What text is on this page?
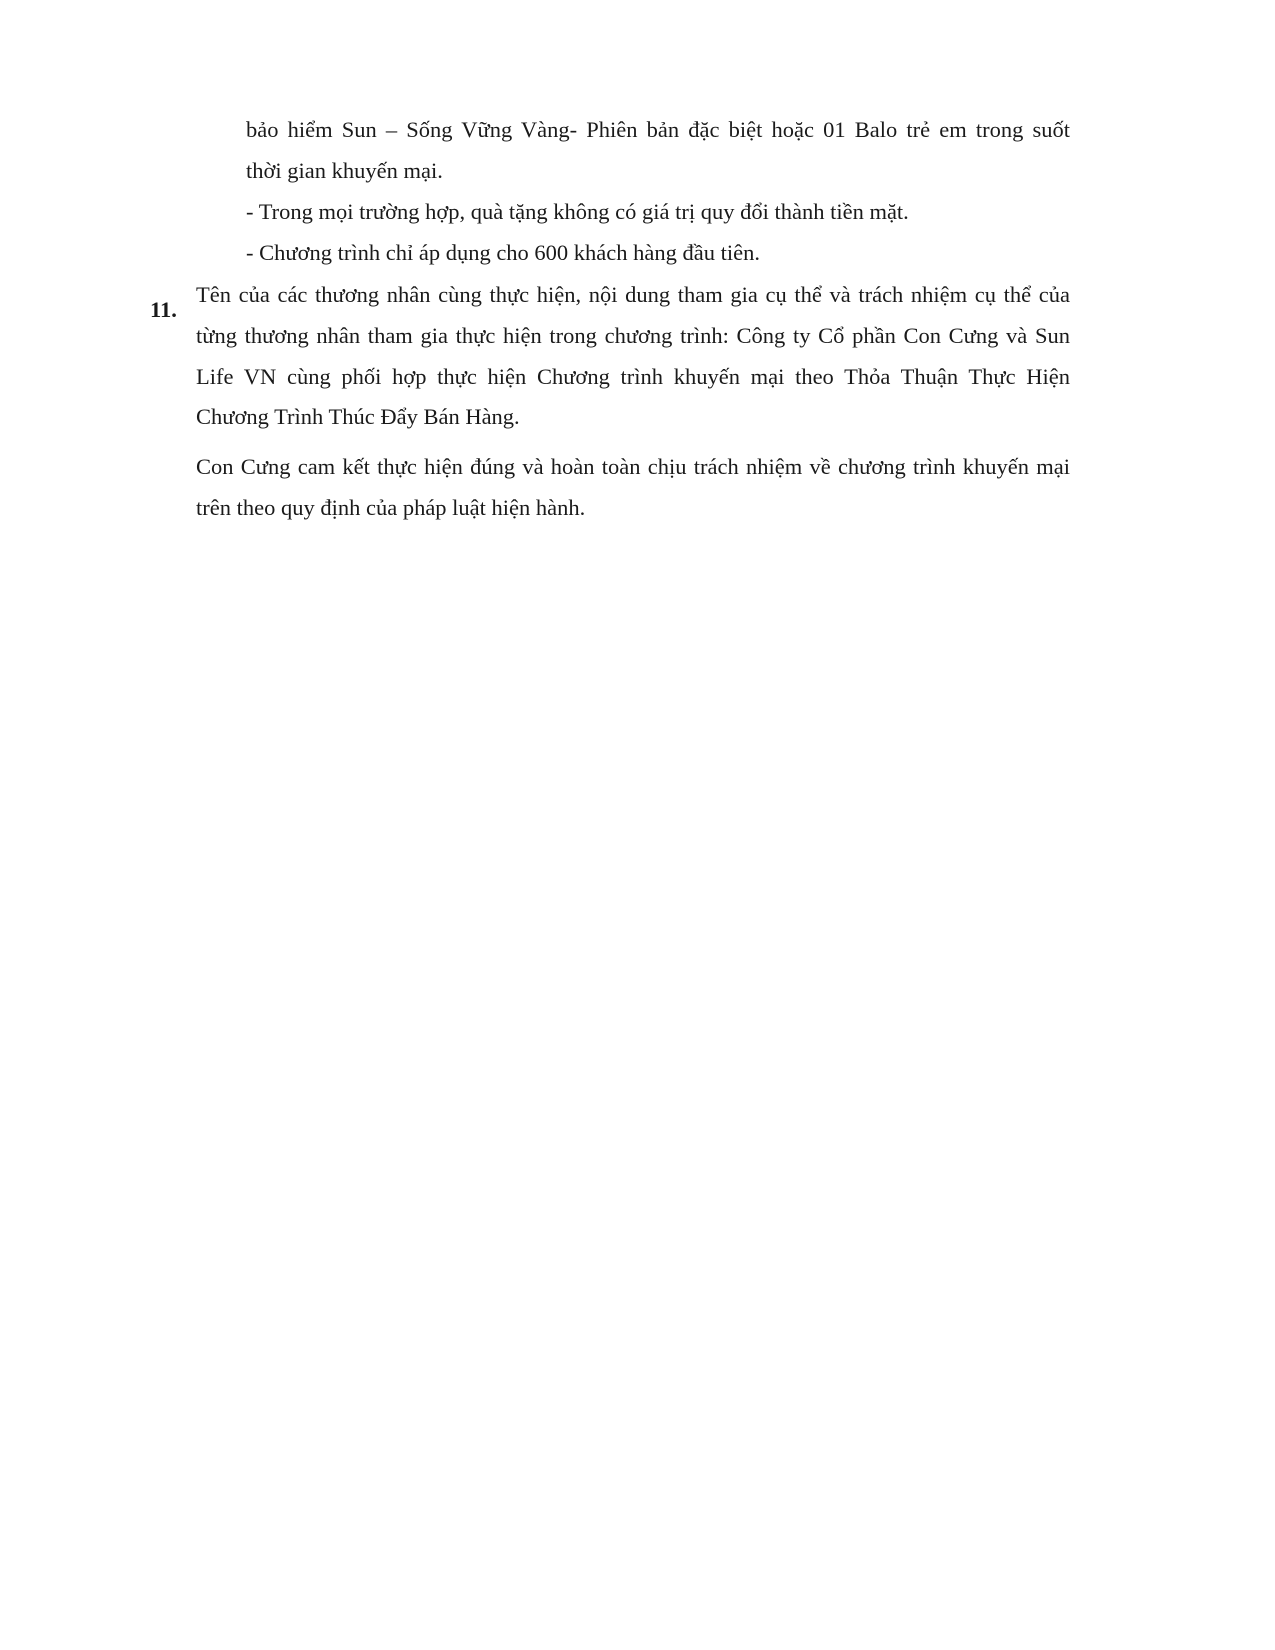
bảo hiểm Sun – Sống Vững Vàng- Phiên bản đặc biệt hoặc 01 Balo trẻ em trong suốt

thời gian khuyến mại.

- Trong mọi trường hợp, quà tặng không có giá trị quy đổi thành tiền mặt.

- Chương trình chỉ áp dụng cho 600 khách hàng đầu tiên.

11.

Tên của các thương nhân cùng thực hiện, nội dung tham gia cụ thể và trách nhiệm cụ thể của

từng thương nhân tham gia thực hiện trong chương trình: Công ty Cổ phần Con Cưng và Sun

Life VN cùng phối hợp thực hiện Chương trình khuyến mại theo Thỏa Thuận Thực Hiện

Chương Trình Thúc Đẩy Bán Hàng.

Con Cưng cam kết thực hiện đúng và hoàn toàn chịu trách nhiệm về chương trình khuyến mại

trên theo quy định của pháp luật hiện hành.
